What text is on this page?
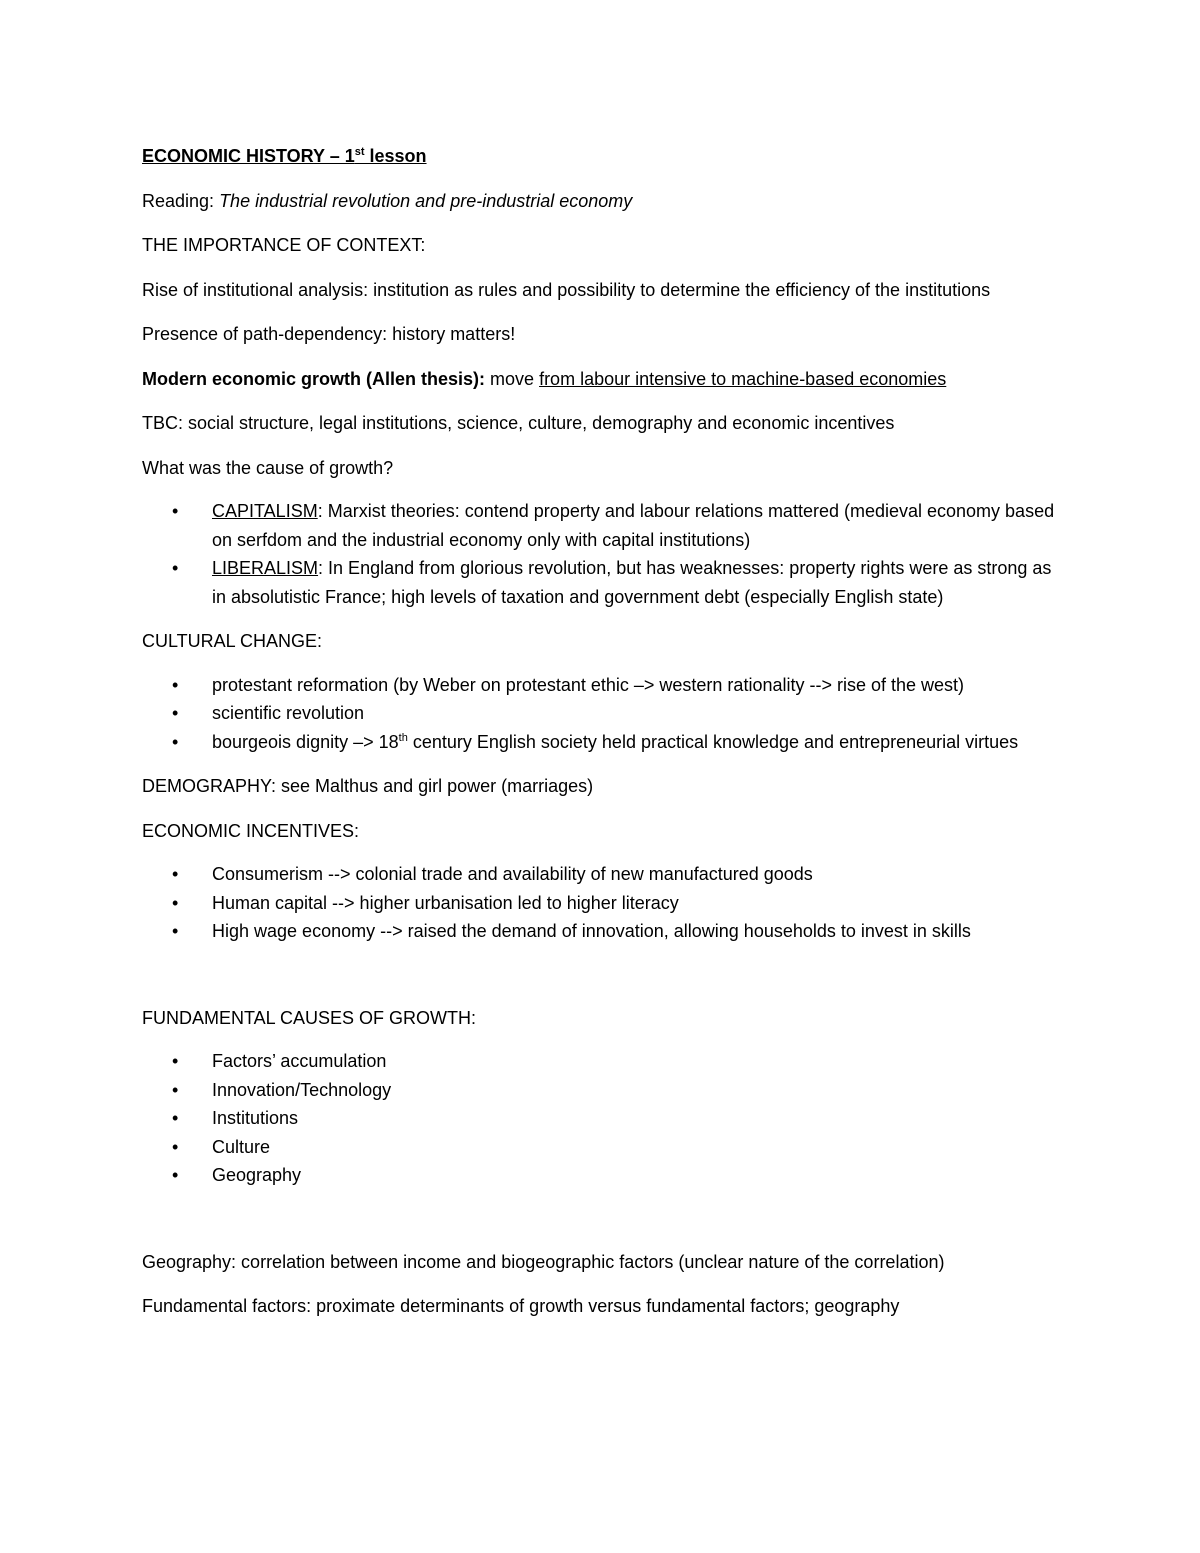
ECONOMIC HISTORY – 1st lesson

Reading: The industrial revolution and pre-industrial economy

THE IMPORTANCE OF CONTEXT:

Rise of institutional analysis: institution as rules and possibility to determine the efficiency of the institutions

Presence of path-dependency: history matters!

Modern economic growth (Allen thesis): move from labour intensive to machine-based economies

TBC: social structure, legal institutions, science, culture, demography and economic incentives

What was the cause of growth?

• CAPITALISM: Marxist theories: contend property and labour relations mattered (medieval economy based on serfdom and the industrial economy only with capital institutions)
• LIBERALISM: In England from glorious revolution, but has weaknesses: property rights were as strong as in absolutistic France; high levels of taxation and government debt (especially English state)

CULTURAL CHANGE:

• protestant reformation (by Weber on protestant ethic –> western rationality --> rise of the west)
• scientific revolution
• bourgeois dignity –> 18th century English society held practical knowledge and entrepreneurial virtues

DEMOGRAPHY: see Malthus and girl power (marriages)

ECONOMIC INCENTIVES:

• Consumerism --> colonial trade and availability of new manufactured goods
• Human capital --> higher urbanisation led to higher literacy
• High wage economy --> raised the demand of innovation, allowing households to invest in skills

FUNDAMENTAL CAUSES OF GROWTH:

• Factors’ accumulation
• Innovation/Technology
• Institutions
• Culture
• Geography

Geography: correlation between income and biogeographic factors (unclear nature of the correlation)

Fundamental factors: proximate determinants of growth versus fundamental factors; geography
